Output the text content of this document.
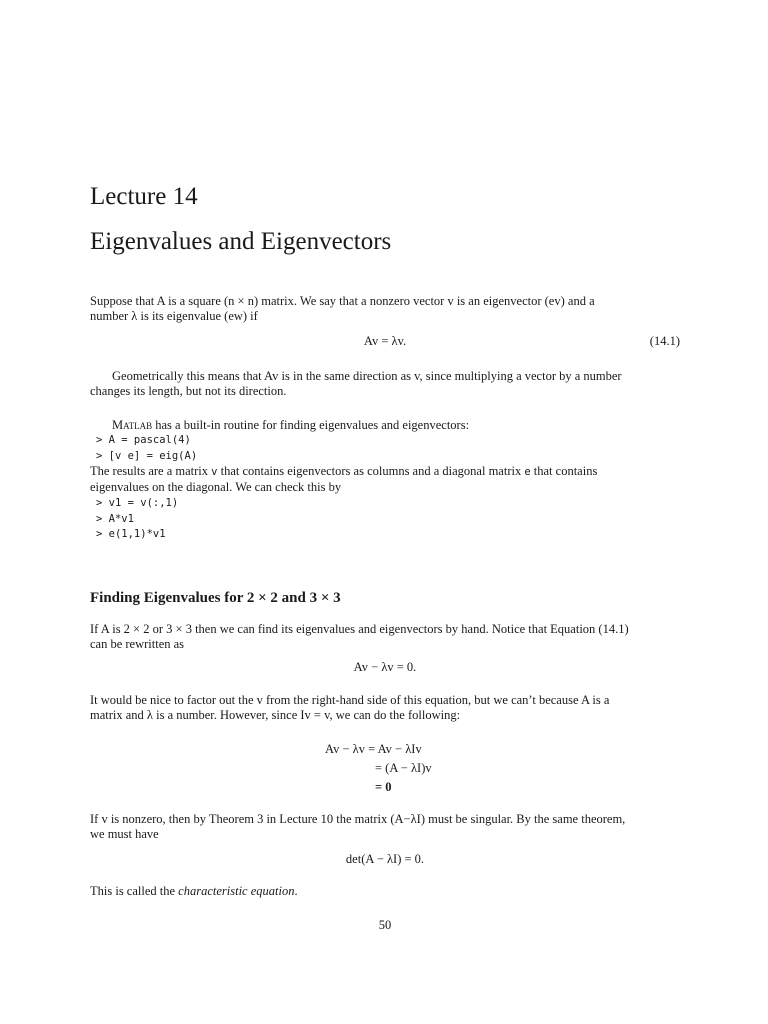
Lecture 14
Eigenvalues and Eigenvectors
Suppose that A is a square (n × n) matrix. We say that a nonzero vector v is an eigenvector (ev) and a
number λ is its eigenvalue (ew) if
Av = λv.	(14.1)
Geometrically this means that Av is in the same direction as v, since multiplying a vector by a number
changes its length, but not its direction.
Matlab has a built-in routine for finding eigenvalues and eigenvectors:
> A = pascal(4)
> [v e] = eig(A)
The results are a matrix v that contains eigenvectors as columns and a diagonal matrix e that contains
eigenvalues on the diagonal. We can check this by
> v1 = v(:,1)
> A*v1
> e(1,1)*v1
Finding Eigenvalues for 2 × 2 and 3 × 3
If A is 2 × 2 or 3 × 3 then we can find its eigenvalues and eigenvectors by hand. Notice that Equation (14.1)
can be rewritten as
Av − λv = 0.
It would be nice to factor out the v from the right-hand side of this equation, but we can’t because A is a
matrix and λ is a number. However, since Iv = v, we can do the following:
Av − λv = Av − λIv
= (A − λI)v
= 0
If v is nonzero, then by Theorem 3 in Lecture 10 the matrix (A−λI) must be singular. By the same theorem,
we must have
det(A − λI) = 0.
This is called the characteristic equation.
50
